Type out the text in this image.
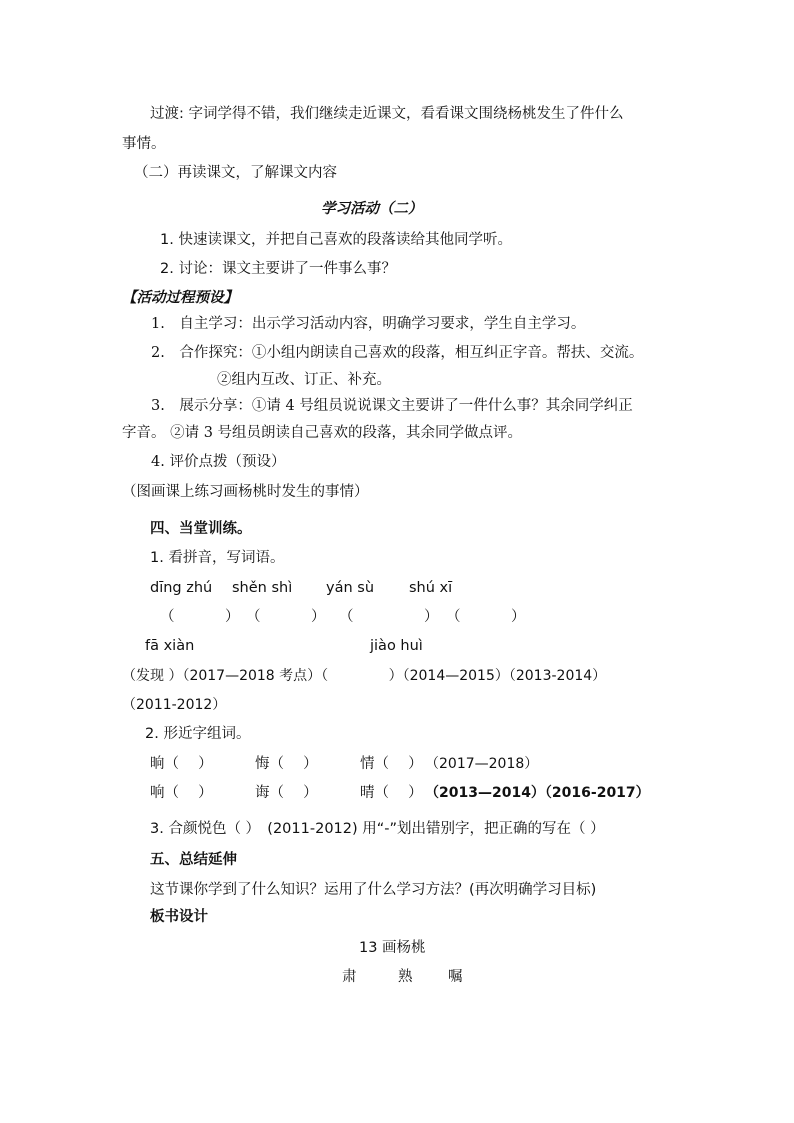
过渡: 字词学得不错，我们继续走近课文，看看课文围绕杨桃发生了件什么
事情。
（二）再读课文，了解课文内容
学习活动（二）
1. 快速读课文，并把自己喜欢的段落读给其他同学听。
2. 讨论：课文主要讲了一件事么事？
【活动过程预设】
1.　自主学习：出示学习活动内容，明确学习要求，学生自主学习。
2.　合作探究：①小组内朗读自己喜欢的段落，相互纠正字音。帮扶、交流。
②组内互改、订正、补充。
3.　展示分享：①请 4 号组员说说课文主要讲了一件什么事？其余同学纠正
字音。 ②请 3 号组员朗读自己喜欢的段落，其余同学做点评。
4. 评价点拨（预设）
（图画课上练习画杨桃时发生的事情）
四、当堂训练。
1. 看拼音，写词语。
dīng zhú shěn shì yán sù shú xī
（	） （	） （	） （	）
fā xiàn	jiào huì
（发现 ）（2017—2018 考点）（　　　　 ）（2014—2015）（2013-2014）
（2011-2012）
2. 形近字组词。
晌（　 ）	悔（　 ）	情（　 ） （2017—2018）
响（　 ）	诲（　 ）	晴（　 ） （2013—2014）（2016-2017）
3. 合颜悦色（ ）　(2011-2012) 用“-”划出错别字，把正确的写在（ ）
五、总结延伸
这节课你学到了什么知识？运用了什么学习方法？(再次明确学习目标)
板书设计
13 画杨桃
肃	熟 嘱
